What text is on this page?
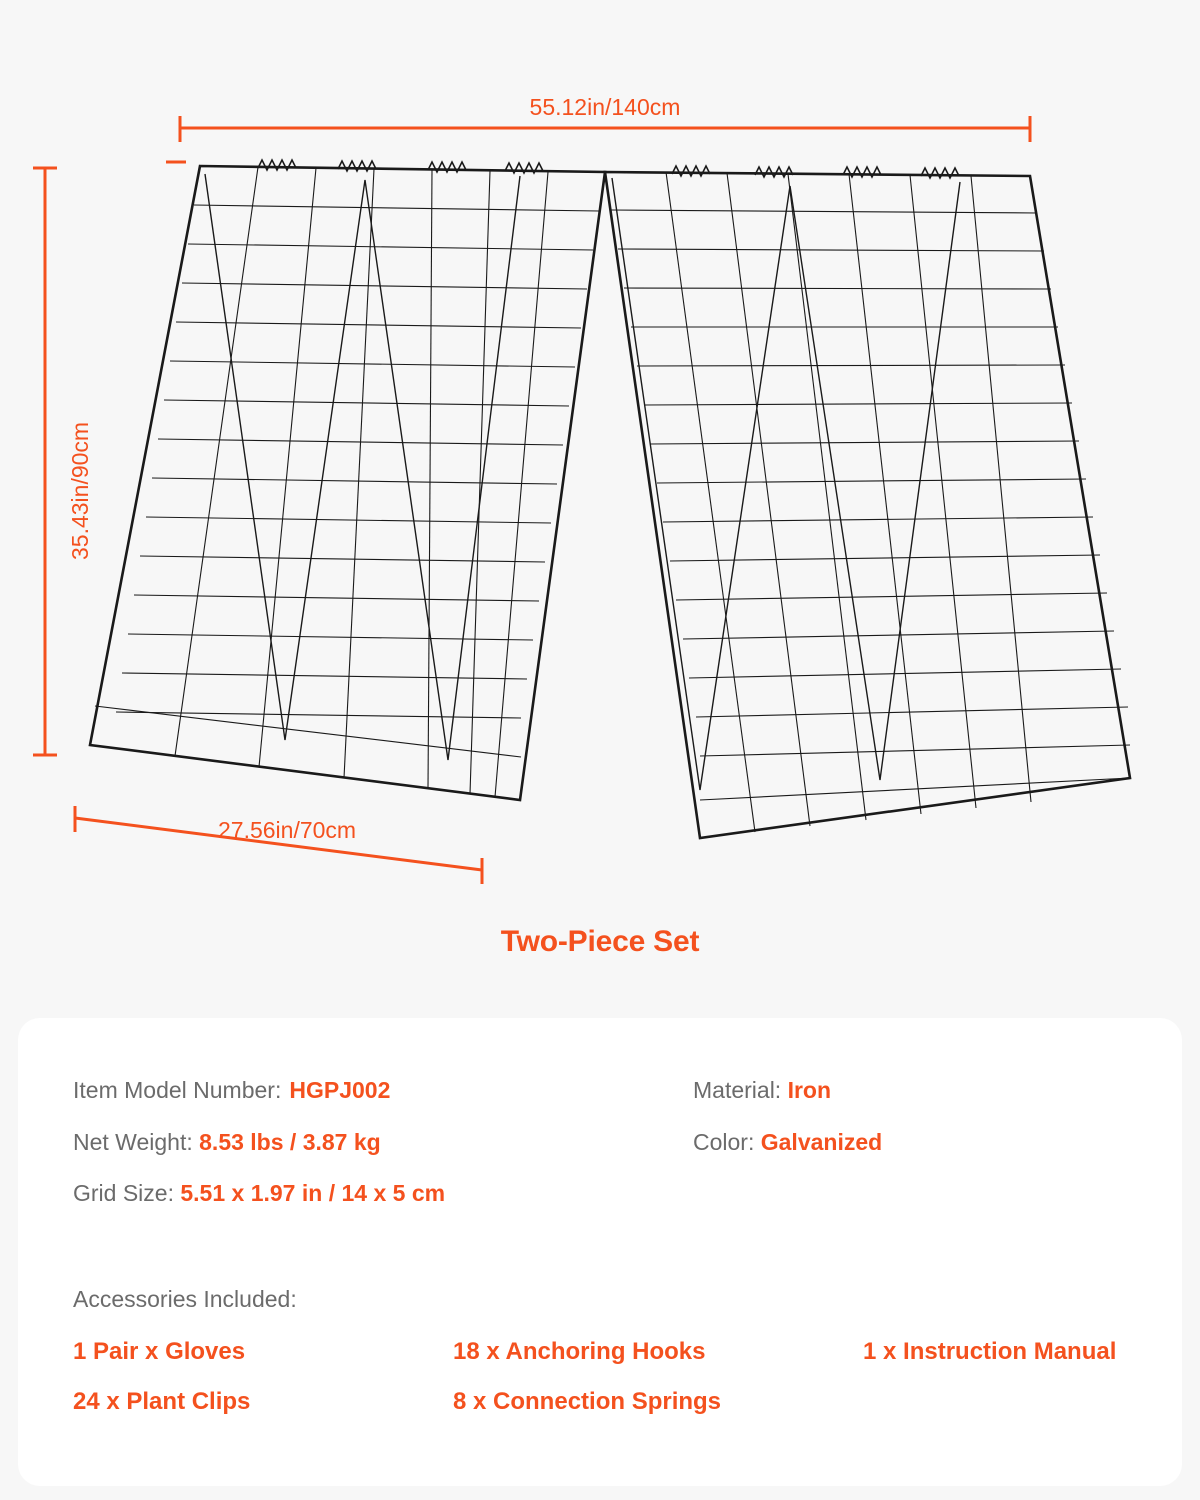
55.12in/140cm
35.43in/90cm
27.56in/70cm
Two-Piece Set
Item Model Number: HGPJ002	Material: Iron
Net Weight: 8.53 lbs / 3.87 kg	Color: Galvanized
Grid Size: 5.51 x 1.97 in / 14 x 5 cm
Accessories Included:
1 Pair x Gloves	18 x Anchoring Hooks	1 x Instruction Manual
24 x Plant Clips	8 x Connection Springs
